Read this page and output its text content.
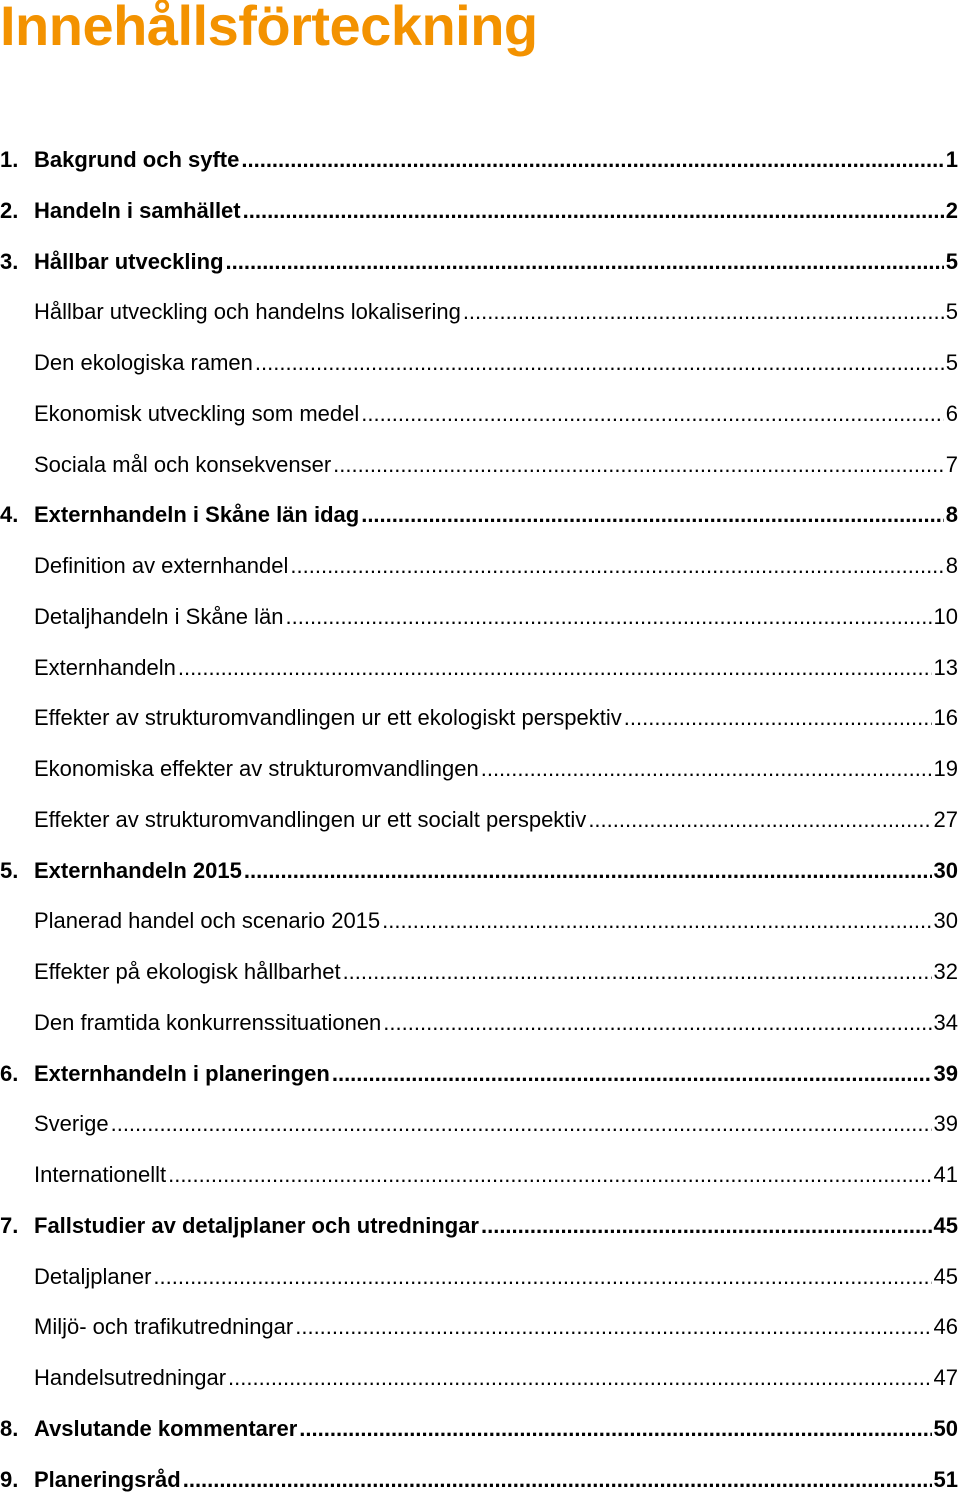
Innehållsförteckning
1. Bakgrund och syfte .....	1
2. Handeln i samhället .....	2
3. Hållbar utveckling .....	5
Hållbar utveckling och handelns lokalisering .....	5
Den ekologiska ramen .....	5
Ekonomisk utveckling som medel .....	6
Sociala mål och konsekvenser .....	7
4. Externhandeln i Skåne län idag .....	8
Definition av externhandel .....	8
Detaljhandeln i Skåne län .....	10
Externhandeln .....	13
Effekter av strukturomvandlingen ur ett ekologiskt perspektiv .....	16
Ekonomiska effekter av strukturomvandlingen .....	19
Effekter av strukturomvandlingen ur ett socialt perspektiv .....	27
5. Externhandeln 2015 .....	30
Planerad handel och scenario 2015 .....	30
Effekter på ekologisk hållbarhet .....	32
Den framtida konkurrenssituationen .....	34
6. Externhandeln i planeringen .....	39
Sverige .....	39
Internationellt .....	41
7. Fallstudier av detaljplaner och utredningar .....	45
Detaljplaner .....	45
Miljö- och trafikutredningar .....	46
Handelsutredningar .....	47
8. Avslutande kommentarer .....	50
9. Planeringsråd .....	51
